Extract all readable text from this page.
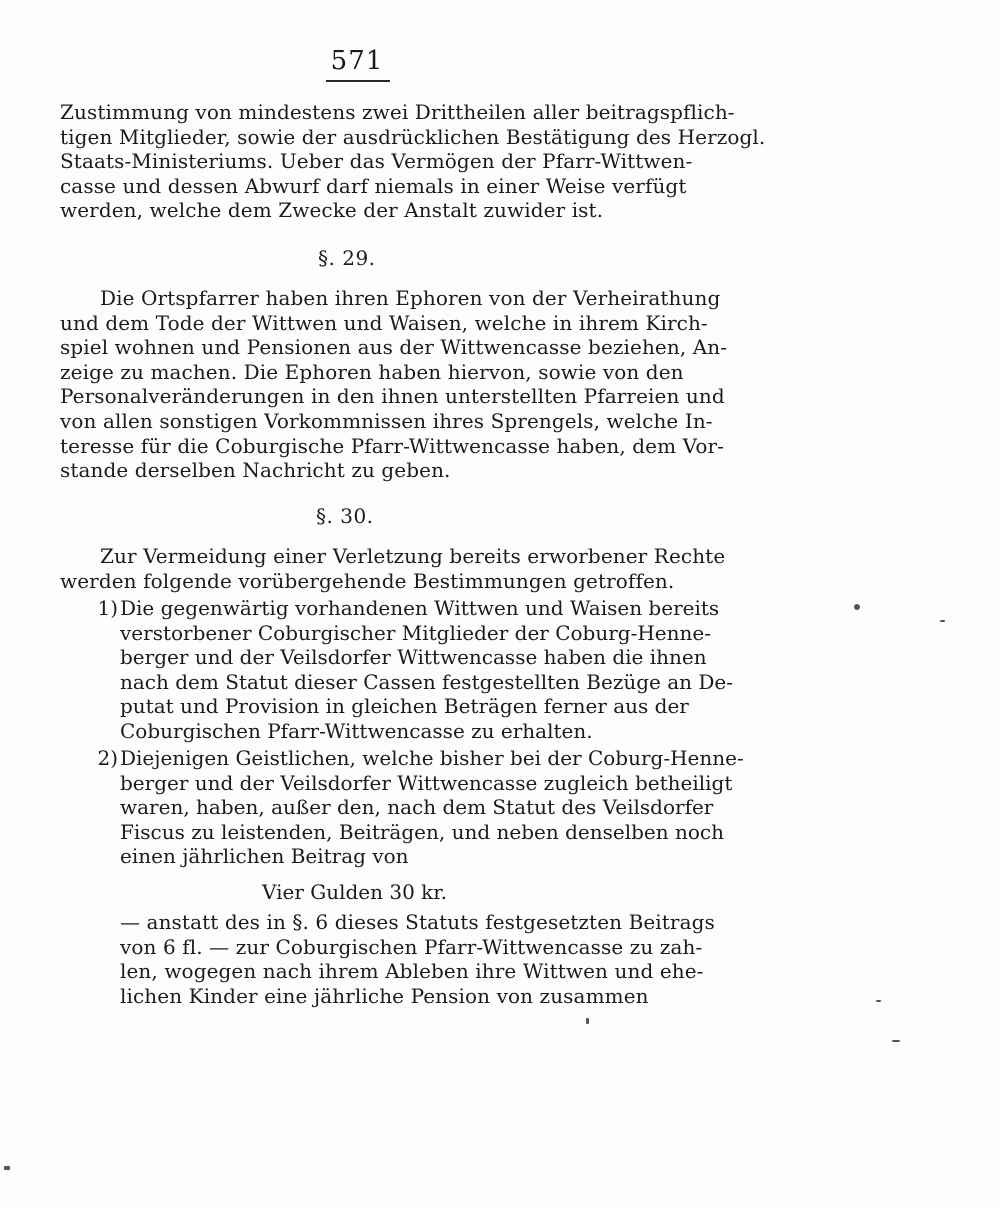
571
Zustimmung von mindestens zwei Drittheilen aller beitragspflich-
tigen Mitglieder, sowie der ausdrücklichen Bestätigung des Herzogl.
Staats-Ministeriums. Ueber das Vermögen der Pfarr-Wittwen-
casse und dessen Abwurf darf niemals in einer Weise verfügt
werden, welche dem Zwecke der Anstalt zuwider ist.
§. 29.
Die Ortspfarrer haben ihren Ephoren von der Verheirathung
und dem Tode der Wittwen und Waisen, welche in ihrem Kirch-
spiel wohnen und Pensionen aus der Wittwencasse beziehen, An-
zeige zu machen. Die Ephoren haben hiervon, sowie von den
Personalveränderungen in den ihnen unterstellten Pfarreien und
von allen sonstigen Vorkommnissen ihres Sprengels, welche In-
teresse für die Coburgische Pfarr-Wittwencasse haben, dem Vor-
stande derselben Nachricht zu geben.
§. 30.
Zur Vermeidung einer Verletzung bereits erworbener Rechte
werden folgende vorübergehende Bestimmungen getroffen.
1) Die gegenwärtig vorhandenen Wittwen und Waisen bereits
verstorbener Coburgischer Mitglieder der Coburg-Henne-
berger und der Veilsdorfer Wittwencasse haben die ihnen
nach dem Statut dieser Cassen festgestellten Bezüge an De-
putat und Provision in gleichen Beträgen ferner aus der
Coburgischen Pfarr-Wittwencasse zu erhalten.
2) Diejenigen Geistlichen, welche bisher bei der Coburg-Henne-
berger und der Veilsdorfer Wittwencasse zugleich betheiligt
waren, haben, außer den, nach dem Statut des Veilsdorfer
Fiscus zu leistenden, Beiträgen, und neben denselben noch
einen jährlichen Beitrag von
Vier Gulden 30 kr.
— anstatt des in §. 6 dieses Statuts festgesetzten Beitrags
von 6 fl. — zur Coburgischen Pfarr-Wittwencasse zu zah-
len, wogegen nach ihrem Ableben ihre Wittwen und ehe-
lichen Kinder eine jährliche Pension von zusammen
